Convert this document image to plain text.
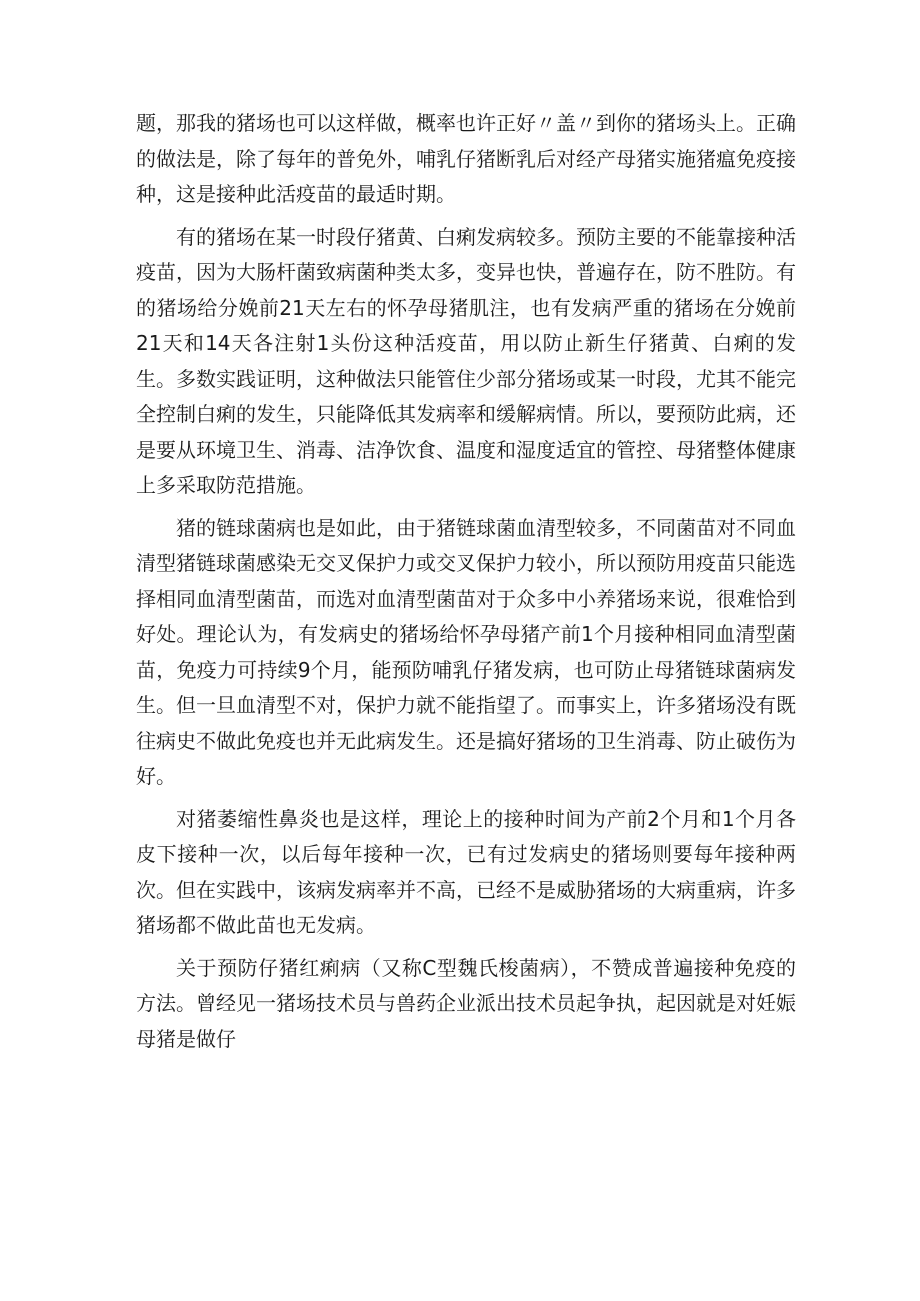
题，那我的猪场也可以这样做，概率也许正好〃盖〃到你的猪场头上。正确的做法是，除了每年的普免外，哺乳仔猪断乳后对经产母猪实施猪瘟免疫接种，这是接种此活疫苗的最适时期。

有的猪场在某一时段仔猪黄、白痢发病较多。预防主要的不能靠接种活疫苗，因为大肠杆菌致病菌种类太多，变异也快，普遍存在，防不胜防。有的猪场给分娩前21天左右的怀孕母猪肌注，也有发病严重的猪场在分娩前21天和14天各注射1头份这种活疫苗，用以防止新生仔猪黄、白痢的发生。多数实践证明，这种做法只能管住少部分猪场或某一时段，尤其不能完全控制白痢的发生，只能降低其发病率和缓解病情。所以，要预防此病，还是要从环境卫生、消毒、洁净饮食、温度和湿度适宜的管控、母猪整体健康上多采取防范措施。

猪的链球菌病也是如此，由于猪链球菌血清型较多，不同菌苗对不同血清型猪链球菌感染无交叉保护力或交叉保护力较小，所以预防用疫苗只能选择相同血清型菌苗，而选对血清型菌苗对于众多中小养猪场来说，很难恰到好处。理论认为，有发病史的猪场给怀孕母猪产前1个月接种相同血清型菌苗，免疫力可持续9个月，能预防哺乳仔猪发病，也可防止母猪链球菌病发生。但一旦血清型不对，保护力就不能指望了。而事实上，许多猪场没有既往病史不做此免疫也并无此病发生。还是搞好猪场的卫生消毒、防止破伤为好。

对猪萎缩性鼻炎也是这样，理论上的接种时间为产前2个月和1个月各皮下接种一次，以后每年接种一次，已有过发病史的猪场则要每年接种两次。但在实践中，该病发病率并不高，已经不是威胁猪场的大病重病，许多猪场都不做此苗也无发病。

关于预防仔猪红痢病（又称C型魏氏梭菌病），不赞成普遍接种免疫的方法。曾经见一猪场技术员与兽药企业派出技术员起争执，起因就是对妊娠母猪是做仔
